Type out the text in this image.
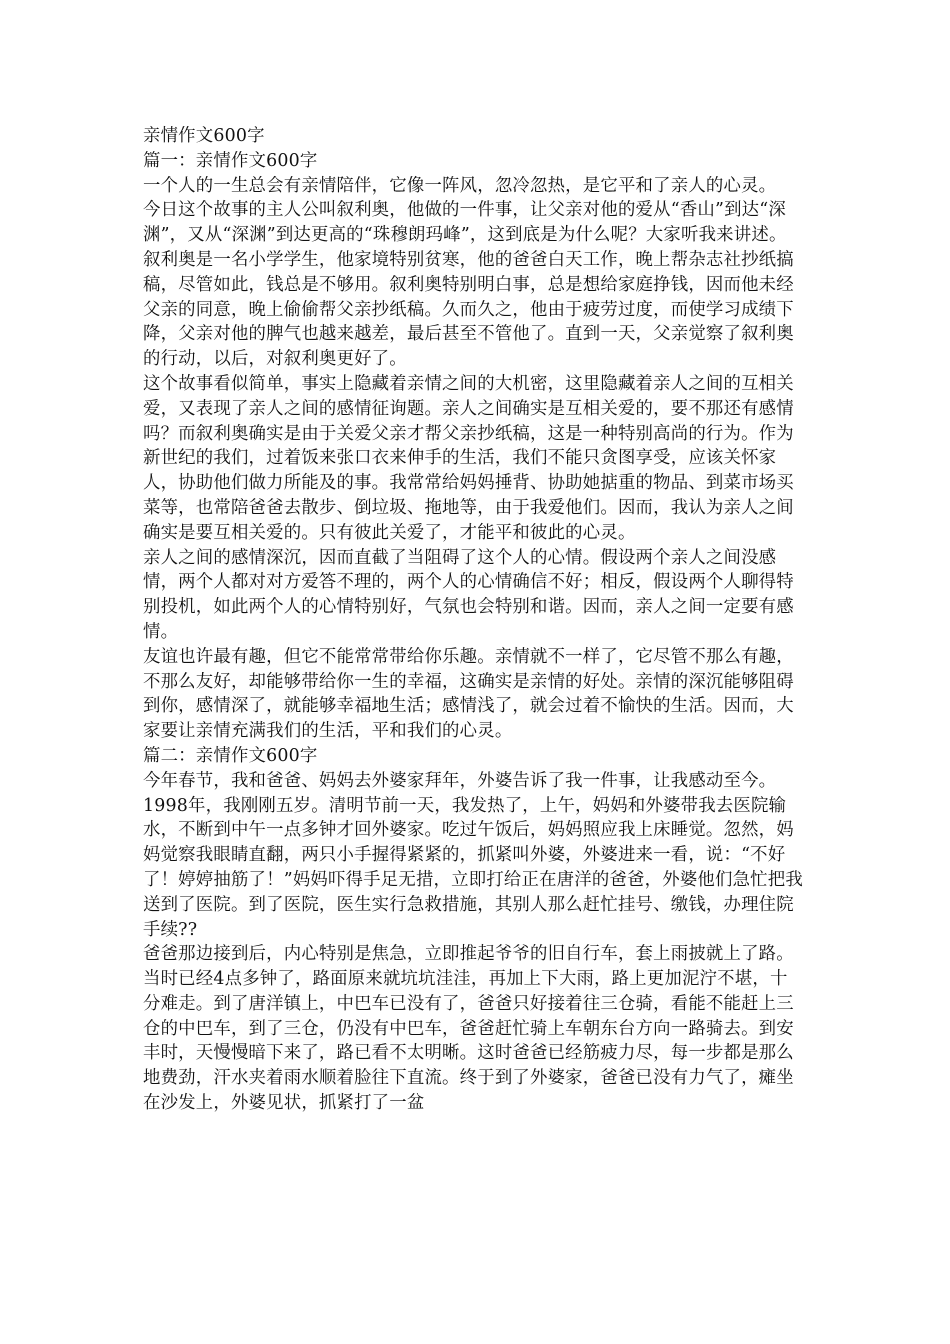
亲情作文600字

篇一：亲情作文600字

一个人的一生总会有亲情陪伴，它像一阵风，忽冷忽热，是它平和了亲人的心灵。

今日这个故事的主人公叫叙利奥，他做的一件事，让父亲对他的爱从“香山”到达“深渊”，又从“深渊”到达更高的“珠穆朗玛峰”，这到底是为什么呢？大家听我来讲述。

叙利奥是一名小学学生，他家境特别贫寒，他的爸爸白天工作，晚上帮杂志社抄纸搞稿，尽管如此，钱总是不够用。叙利奥特别明白事，总是想给家庭挣钱，因而他未经父亲的同意，晚上偷偷帮父亲抄纸稿。久而久之，他由于疲劳过度，而使学习成绩下降，父亲对他的脾气也越来越差，最后甚至不管他了。直到一天，父亲觉察了叙利奥的行动，以后，对叙利奥更好了。

这个故事看似简单，事实上隐藏着亲情之间的大机密，这里隐藏着亲人之间的互相关爱，又表现了亲人之间的感情征询题。亲人之间确实是互相关爱的，要不那还有感情吗？而叙利奥确实是由于关爱父亲才帮父亲抄纸稿，这是一种特别高尚的行为。作为新世纪的我们，过着饭来张口衣来伸手的生活，我们不能只贪图享受，应该关怀家人，协助他们做力所能及的事。我常常给妈妈捶背、协助她掂重的物品、到菜市场买菜等，也常陪爸爸去散步、倒垃圾、拖地等，由于我爱他们。因而，我认为亲人之间确实是要互相关爱的。只有彼此关爱了，才能平和彼此的心灵。

亲人之间的感情深沉，因而直截了当阻碍了这个人的心情。假设两个亲人之间没感情，两个人都对对方爱答不理的，两个人的心情确信不好；相反，假设两个人聊得特别投机，如此两个人的心情特别好，气氛也会特别和谐。因而，亲人之间一定要有感情。

友谊也许最有趣，但它不能常常带给你乐趣。亲情就不一样了，它尽管不那么有趣，不那么友好，却能够带给你一生的幸福，这确实是亲情的好处。亲情的深沉能够阻碍到你，感情深了，就能够幸福地生活；感情浅了，就会过着不愉快的生活。因而，大家要让亲情充满我们的生活，平和我们的心灵。

篇二：亲情作文600字

今年春节，我和爸爸、妈妈去外婆家拜年，外婆告诉了我一件事，让我感动至今。

1998年，我刚刚五岁。清明节前一天，我发热了，上午，妈妈和外婆带我去医院输水，不断到中午一点多钟才回外婆家。吃过午饭后，妈妈照应我上床睡觉。忽然，妈妈觉察我眼睛直翻，两只小手握得紧紧的，抓紧叫外婆，外婆进来一看，说：“不好了！婷婷抽筋了！”妈妈吓得手足无措，立即打给正在唐洋的爸爸，外婆他们急忙把我送到了医院。到了医院，医生实行急救措施，其别人那么赶忙挂号、缴钱，办理住院手续??

爸爸那边接到后，内心特别是焦急，立即推起爷爷的旧自行车，套上雨披就上了路。当时已经4点多钟了，路面原来就坑坑洼洼，再加上下大雨，路上更加泥泞不堪，十分难走。到了唐洋镇上，中巴车已没有了，爸爸只好接着往三仓骑，看能不能赶上三仓的中巴车，到了三仓，仍没有中巴车，爸爸赶忙骑上车朝东台方向一路骑去。到安丰时，天慢慢暗下来了，路已看不太明晰。这时爸爸已经筋疲力尽，每一步都是那么地费劲，汗水夹着雨水顺着脸往下直流。终于到了外婆家，爸爸已没有力气了，瘫坐在沙发上，外婆见状，抓紧打了一盆
